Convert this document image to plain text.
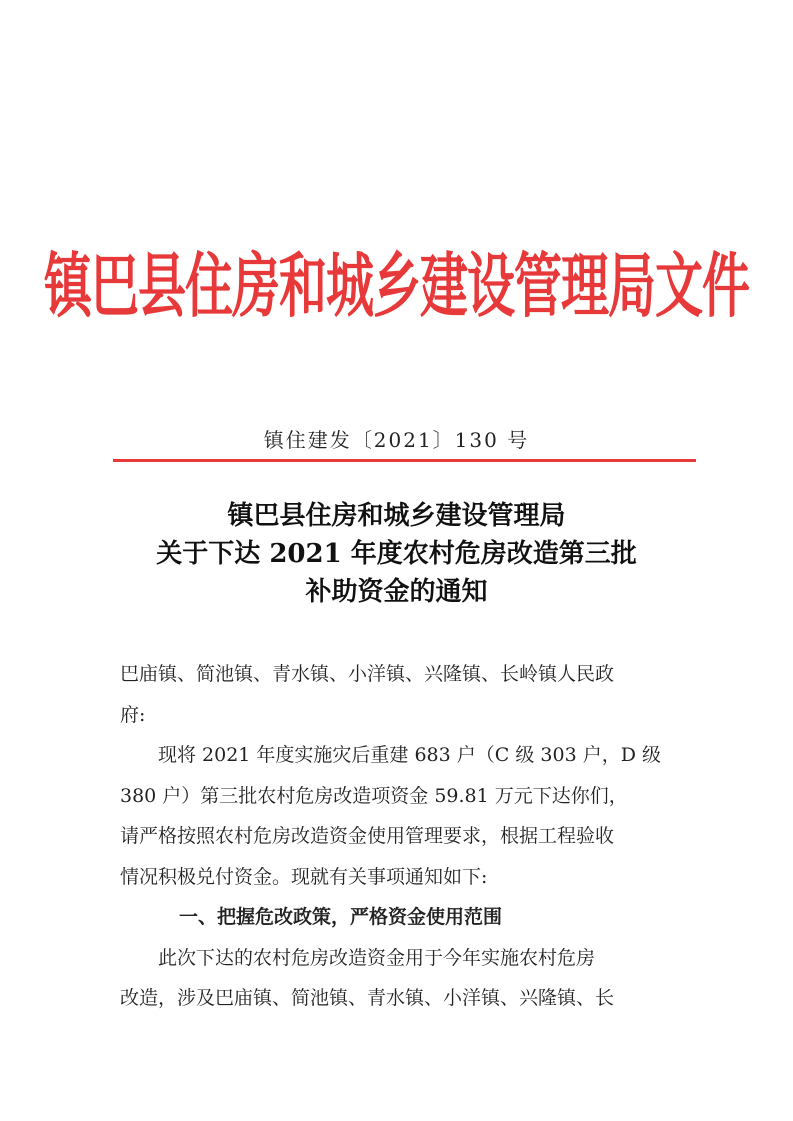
镇巴县住房和城乡建设管理局文件
镇住建发〔2021〕130 号
镇巴县住房和城乡建设管理局
关于下达 2021 年度农村危房改造第三批
补助资金的通知

巴庙镇、简池镇、青水镇、小洋镇、兴隆镇、长岭镇人民政

府:

现将 2021 年度实施灾后重建 683 户（C 级 303 户，D 级

380 户）第三批农村危房改造项资金 59.81 万元下达你们，

请严格按照农村危房改造资金使用管理要求，根据工程验收

情况积极兑付资金。现就有关事项通知如下:

一、把握危改政策，严格资金使用范围

此次下达的农村危房改造资金用于今年实施农村危房

改造，涉及巴庙镇、简池镇、青水镇、小洋镇、兴隆镇、长
